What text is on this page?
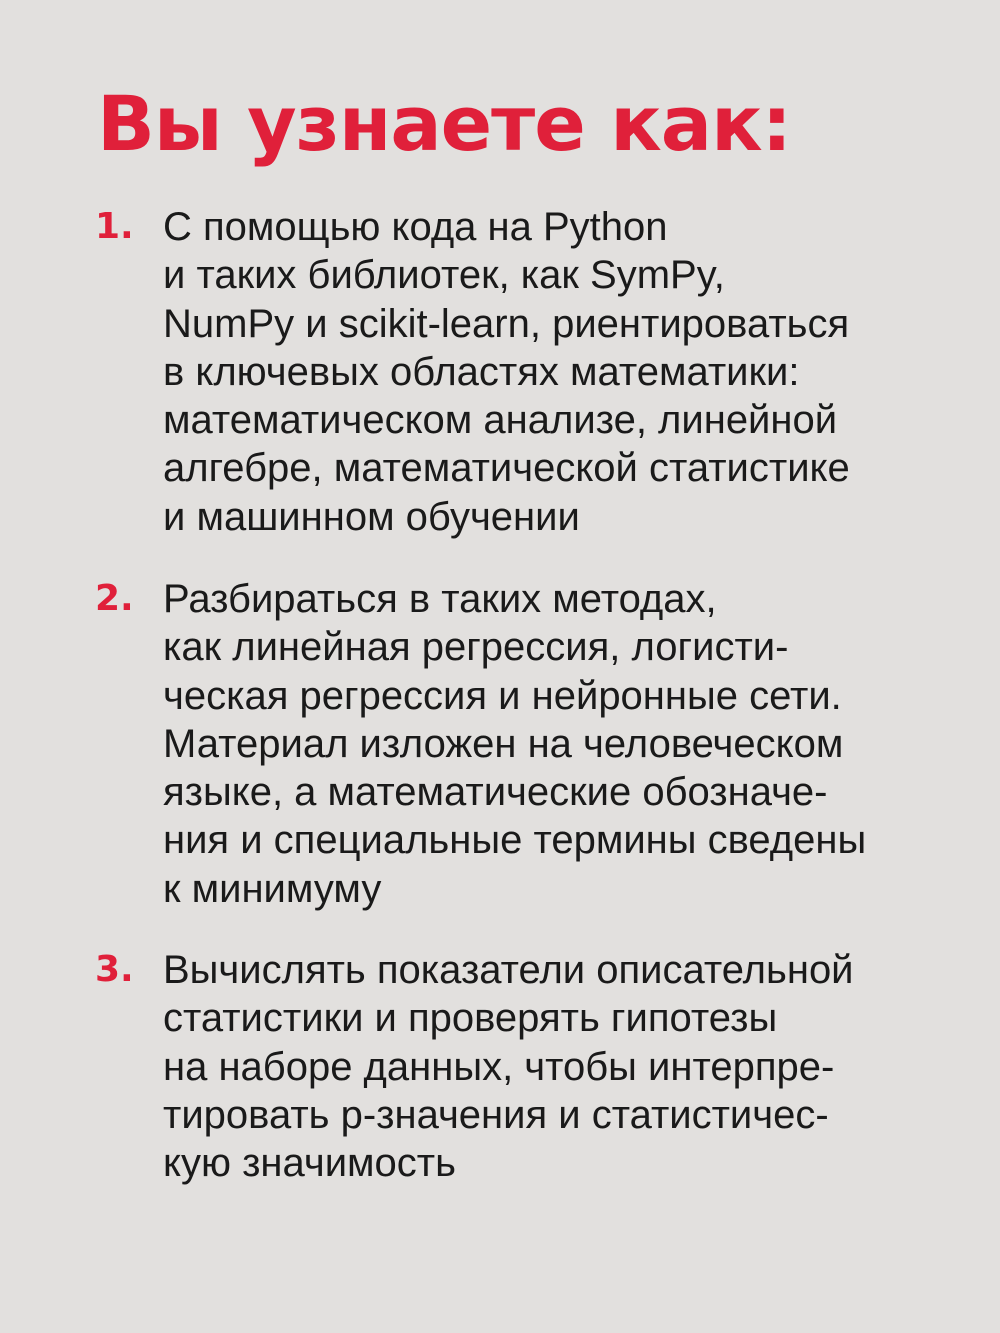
Вы узнаете как:
1. С помощью кода на Python
и таких библиотек, как SymPy,
NumPy и scikit-learn, риентироваться
в ключевых областях математики:
математическом анализе, линейной
алгебре, математической статистике
и машинном обучении
2. Разбираться в таких методах,
как линейная регрессия, логисти-
ческая регрессия и нейронные сети.
Материал изложен на человеческом
языке, а математические обозначе-
ния и специальные термины сведены
к минимуму
3. Вычислять показатели описательной
статистики и проверять гипотезы
на наборе данных, чтобы интерпре-
тировать p-значения и статистичес-
кую значимость
